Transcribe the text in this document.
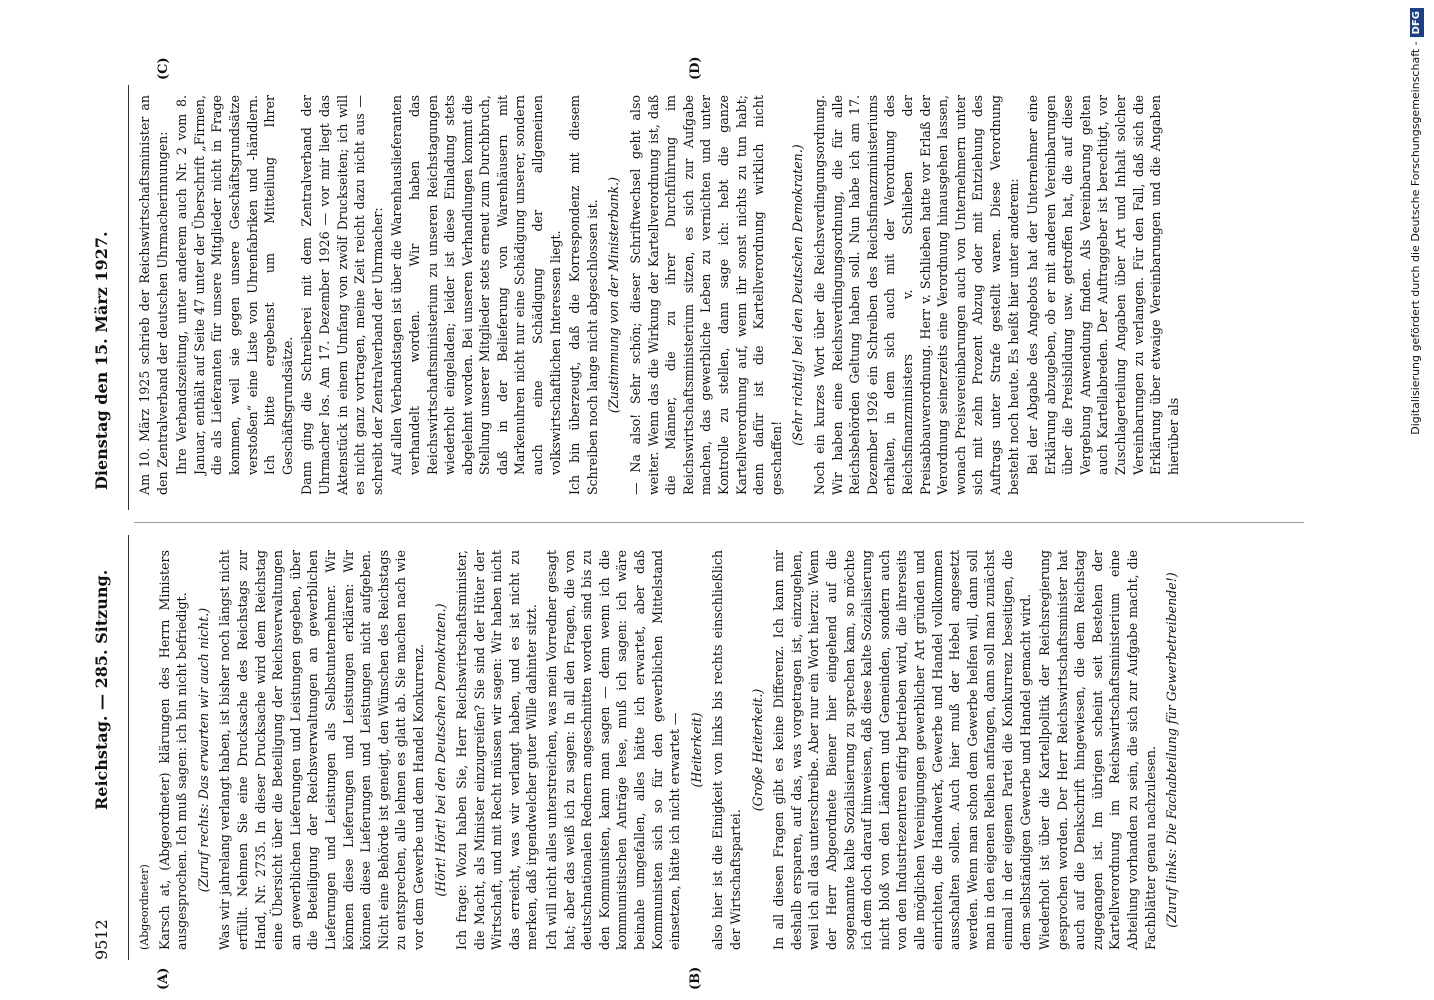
9512
Reichstag. — 285. Sitzung.
Dienstag den 15. März 1927.
(A)	(B)
(C)	(D)

(Abgeordneter) Karsch at, (Abgeordneter) klärungen des Herrn Ministers ausgesprochen. Ich muß sagen: ich bin nicht befriedigt. (Zuruf rechts: Das erwarten wir auch nicht.) Was wir jahrelang verlangt haben, ist bisher noch längst nicht erfüllt. Nehmen Sie eine Drucksache des Reichstags zur Hand, Nr. 2735. In dieser Drucksache wird dem Reichstag eine Übersicht über die Beteiligung der Reichsverwaltungen an gewerblichen Lieferungen und Leistungen gegeben, über die Beteiligung der Reichsverwaltungen an gewerblichen Lieferungen und Leistungen als Selbstunternehmer. Wir können diese Lieferungen und Leistungen erklären: Wir können diese Lieferungen und Leistungen nicht aufgeben. Nicht eine Behörde ist geneigt, den Wünschen des Reichstags zu entsprechen, alle lehnen es glatt ab. Sie machen nach wie vor dem Gewerbe und dem Handel Konkurrenz. (Hört! Hört! bei den Deutschen Demokraten.) Ich frage: Wozu haben Sie, Herr Reichswirtschaftsminister, die Macht, als Minister einzugreifen? Sie sind der Hüter der Wirtschaft, und mit Recht müssen wir sagen: Wir haben nicht das erreicht, was wir verlangt haben, und es ist nicht zu merken, daß irgendwelcher guter Wille dahinter sitzt. Ich will nicht alles unterstreichen, was mein Vorredner gesagt hat; aber das weiß ich zu sagen: In all den Fragen, die von deutschnationalen Rednern angeschnitten worden sind bis zu den Kommunisten, kann man sagen — denn wenn ich die kommunistischen Anträge lese, muß ich sagen: ich wäre beinahe umgefallen, alles hätte ich erwartet, aber daß Kommunisten sich so für den gewerblichen Mittelstand einsetzen, hätte ich nicht erwartet — (Heiterkeit) also hier ist die Einigkeit von links bis rechts einschließlich der Wirtschaftspartei.

(Große Heiterkeit.) In all diesen Fragen gibt es keine Differenz. Ich kann mir deshalb ersparen, auf das, was vorgetragen ist, einzugehen, weil ich all das unterschreibe. Aber nur ein Wort hierzu: Wenn der Herr Abgeordnete Biener hier eingehend auf die sogenannte kalte Sozialisierung zu sprechen kam, so möchte ich dem doch darauf hinweisen, daß diese kalte Sozialisierung nicht bloß von den Ländern und Gemeinden, sondern auch von den Industriezentren eifrig betrieben wird, die ihrerseits alle möglichen Vereinigungen gewerblicher Art gründen und einrichten, die Handwerk, Gewerbe und Handel vollkommen ausschalten sollen. Auch hier muß der Hebel angesetzt werden. Wenn man schon dem Gewerbe helfen will, dann soll man in den eigenen Reihen anfangen, dann soll man zunächst einmal in der eigenen Partei die Konkurrenz beseitigen, die dem selbständigen Gewerbe und Handel gemacht wird. Wiederholt ist über die Kartellpolitik der Reichsregierung gesprochen worden. Der Herr Reichswirtschaftsminister hat auch auf die Denkschrift hingewiesen, die dem Reichstag zugegangen ist. Im übrigen scheint seit Bestehen der Kartellverordnung im Reichswirtschaftsministerium eine Abteilung vorhanden zu sein, die sich zur Aufgabe macht, die Fachblätter genau nachzulesen. (Zuruf links: Die Fachabteilung für Gewerbetreibende!)

Am 10. März 1925 schrieb der Reichswirtschaftsminister an den Zentralverband der deutschen Uhrmacherinnungen: Ihre Verbandszeitung, unter anderem auch Nr. 2 vom 8. Januar, enthält auf Seite 47 unter der Überschrift „Firmen, die als Lieferanten für unsere Mitglieder nicht in Frage kommen, weil sie gegen unsere Geschäftsgrundsätze verstoßen“ eine Liste von Uhrenfabriken und -händlern. Ich bitte ergebenst um Mitteilung Ihrer Geschäftsgrundsätze. Dann ging die Schreiberei mit dem Zentralverband der Uhrmacher los. Am 17. Dezember 1926 — vor mir liegt das Aktenstück in einem Umfang von zwölf Druckseiten; ich will es nicht ganz vortragen, meine Zeit reicht dazu nicht aus — schreibt der Zentralverband der Uhrmacher: Auf allen Verbandstagen ist über die Warenhauslieferanten verhandelt worden. Wir haben das Reichswirtschaftsministerium zu unseren Reichstagungen wiederholt eingeladen; leider ist diese Einladung stets abgelehnt worden. Bei unseren Verhandlungen kommt die Stellung unserer Mitglieder stets erneut zum Durchbruch, daß in der Belieferung von Warenhäusern mit Markenuhren nicht nur eine Schädigung unserer, sondern auch eine Schädigung der allgemeinen volkswirtschaftlichen Interessen liegt. Ich bin überzeugt, daß die Korrespondenz mit diesem Schreiben noch lange nicht abgeschlossen ist. (Zustimmung von der Ministerbank.) — Na also! Sehr schön; dieser Schriftwechsel geht also weiter. Wenn das die Wirkung der Kartellverordnung ist, daß die Männer, die zu ihrer Durchführung im Reichswirtschaftsministerium sitzen, es sich zur Aufgabe machen, das gewerbliche Leben zu vernichten und unter Kontrolle zu stellen, dann sage ich: hebt die ganze Kartellverordnung auf, wenn ihr sonst nichts zu tun habt; denn dafür ist die Kartellverordnung wirklich nicht geschaffen!

(Sehr richtig! bei den Deutschen Demokraten.) Noch ein kurzes Wort über die Reichsverdingungsordnung. Wir haben eine Reichsverdingungsordnung, die für alle Reichsbehörden Geltung haben soll. Nun habe ich am 17. Dezember 1926 ein Schreiben des Reichsfinanzministeriums erhalten, in dem sich auch mit der Verordnung des Reichsfinanzministers v. Schlieben der Preisabbauverordnung. Herr v. Schlieben hatte vor Erlaß der Verordnung seinerzeits eine Verordnung hinausgehen lassen, wonach Preisvereinbarungen auch von Unternehmern unter sich mit zehn Prozent Abzug oder mit Entziehung des Auftrags unter Strafe gestellt waren. Diese Verordnung besteht noch heute. Es heißt hier unter anderem: Bei der Abgabe des Angebots hat der Unternehmer eine Erklärung abzugeben, ob er mit anderen Vereinbarungen über die Preisbildung usw. getroffen hat, die auf diese Vergebung Anwendung finden. Als Vereinbarung gelten auch Kartellabreden. Der Auftraggeber ist berechtigt, vor Zuschlagerteilung Angaben über Art und Inhalt solcher Vereinbarungen zu verlangen. Für den Fall, daß sich die Erklärung über etwaige Vereinbarungen und die Angaben hierüber als

Digitalisierung gefördert durch die Deutsche Forschungsgemeinschaft -DFG
